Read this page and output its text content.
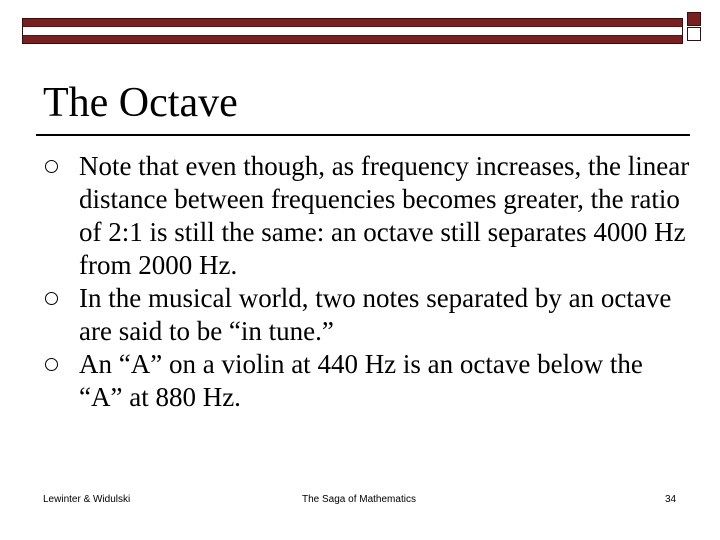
The Octave
Note that even though, as frequency increases, the linear distance between frequencies becomes greater, the ratio of 2:1 is still the same: an octave still separates 4000 Hz from 2000 Hz.
In the musical world, two notes separated by an octave are said to be “in tune.”
An “A” on a violin at 440 Hz is an octave below the “A” at 880 Hz.
Lewinter & Widulski	The Saga of Mathematics	34
